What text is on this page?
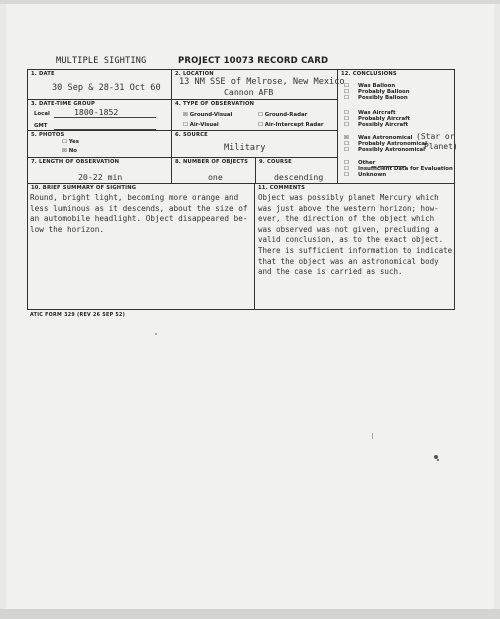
MULTIPLE SIGHTING	PROJECT 10073 RECORD CARD
1. DATE
30 Sep & 28-31 Oct 60
2. LOCATION
13 NM SSE of Melrose, New Mexico
Cannon AFB
3. DATE-TIME GROUP
Local	1800-1852
GMT
4. TYPE OF OBSERVATION
☒ Ground-Visual	☐ Ground-Radar
☐ Air-Visual	☐ Air-Intercept Radar
5. PHOTOS
☐ Yes
☒ No
6. SOURCE
Military
7. LENGTH OF OBSERVATION
20-22 min
8. NUMBER OF OBJECTS
one
9. COURSE
descending
12. CONCLUSIONS
☐ Was Balloon
☐ Probably Balloon
☐ Possibly Balloon
☐ Was Aircraft
☐ Probably Aircraft
☐ Possibly Aircraft
☒ Was Astronomical
☐ Probably Astronomical
☐ Possibly Astronomical
(Star or
Planet)
☐ Other
☐ Insufficient Data for Evaluation
☐ Unknown
10. BRIEF SUMMARY OF SIGHTING
Round, bright light, becoming more orange and
less luminous as it descends, about the size of
an automobile headlight. Object disappeared be-
low the horizon.
11. COMMENTS
Object was possibly planet Mercury which
was just above the western horizon; how-
ever, the direction of the object which
was observed was not given, precluding a
valid conclusion, as to the exact object.
There is sufficient information to indicate
that the object was an astronomical body
and the case is carried as such.
ATIC FORM 329 (REV 26 SEP 52)
